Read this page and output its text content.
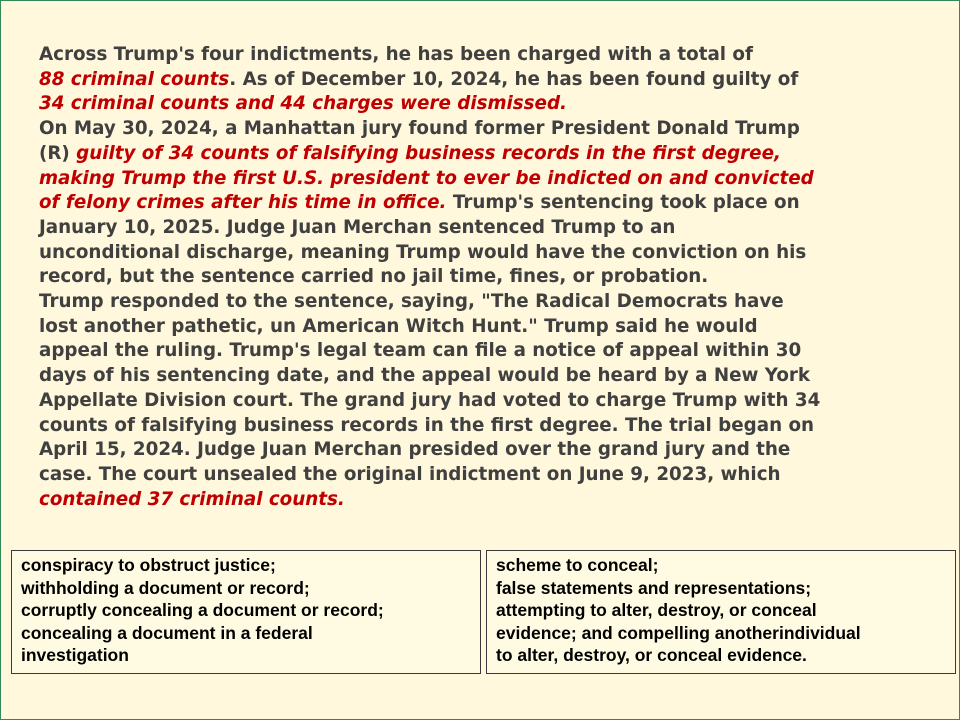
Across Trump's four indictments, he has been charged with a total of
88 criminal counts. As of December 10, 2024, he has been found guilty of
34 criminal counts and 44 charges were dismissed.
On May 30, 2024, a Manhattan jury found former President Donald Trump
(R) guilty of 34 counts of falsifying business records in the first degree,
making Trump the first U.S. president to ever be indicted on and convicted
of felony crimes after his time in office. Trump's sentencing took place on
January 10, 2025. Judge Juan Merchan sentenced Trump to an
unconditional discharge, meaning Trump would have the conviction on his
record, but the sentence carried no jail time, fines, or probation.
Trump responded to the sentence, saying, "The Radical Democrats have
lost another pathetic, un American Witch Hunt." Trump said he would
appeal the ruling. Trump's legal team can file a notice of appeal within 30
days of his sentencing date, and the appeal would be heard by a New York
Appellate Division court. The grand jury had voted to charge Trump with 34
counts of falsifying business records in the first degree. The trial began on
April 15, 2024. Judge Juan Merchan presided over the grand jury and the
case. The court unsealed the original indictment on June 9, 2023, which
contained 37 criminal counts.
conspiracy to obstruct justice;
withholding a document or record;
corruptly concealing a document or record;
concealing a document in a federal
investigation
scheme to conceal;
false statements and representations;
attempting to alter, destroy, or conceal
evidence; and compelling anotherindividual
to alter, destroy, or conceal evidence.
